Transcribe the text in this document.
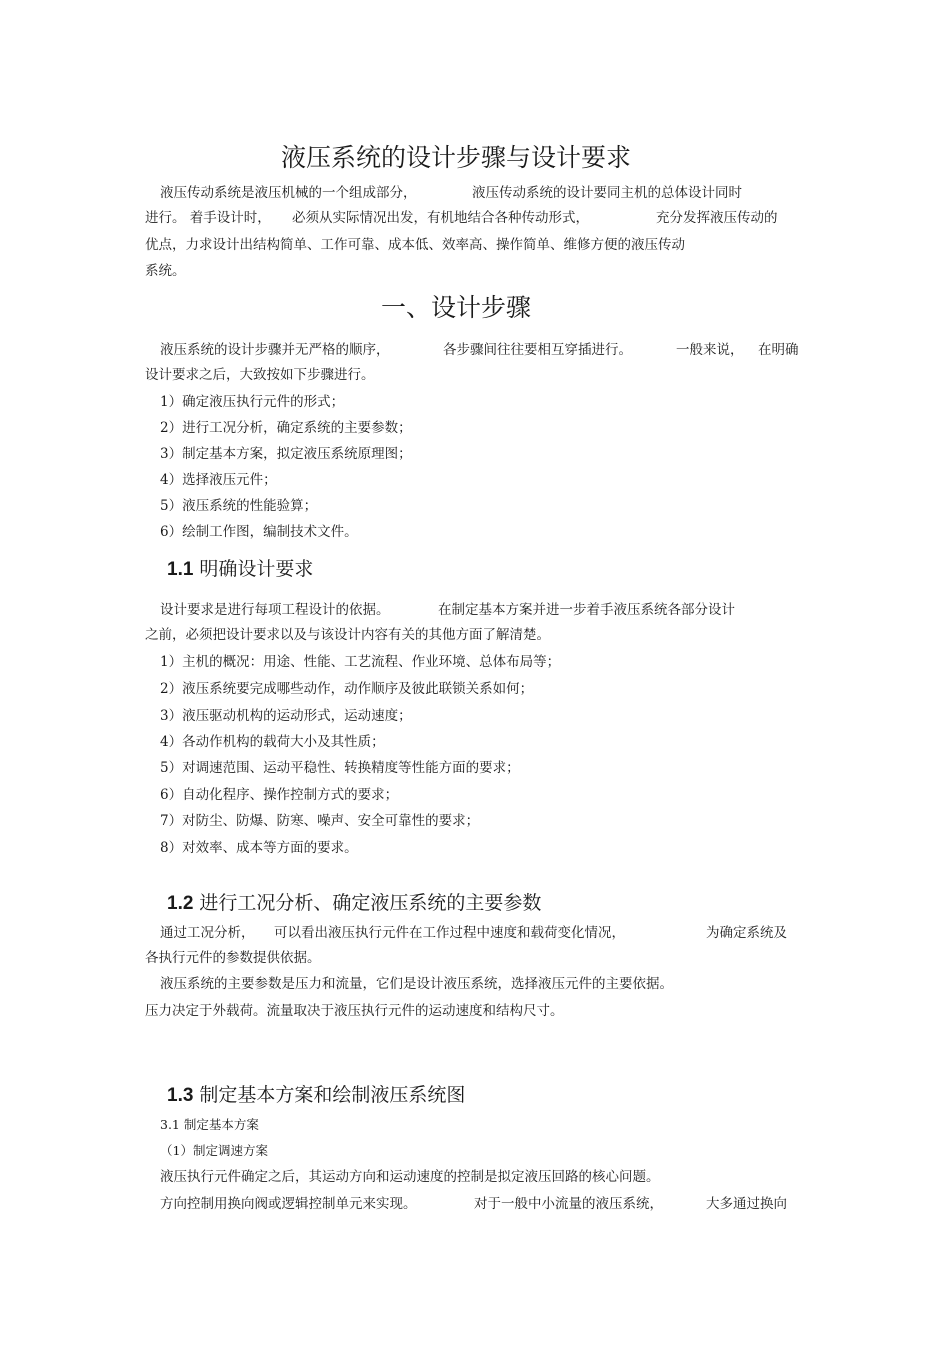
液压系统的设计步骤与设计要求
液压传动系统是液压机械的一个组成部分，	液压传动系统的设计要同主机的总体设计同时
进行。 着手设计时， 必须从实际情况出发，有机地结合各种传动形式，	充分发挥液压传动的
优点，力求设计出结构简单、工作可靠、成本低、效率高、操作简单、维修方便的液压传动
系统。
一、设计步骤
液压系统的设计步骤并无严格的顺序，	各步骤间往往要相互穿插进行。	一般来说， 在明确
设计要求之后，大致按如下步骤进行。
1）确定液压执行元件的形式；
2）进行工况分析，确定系统的主要参数；
3）制定基本方案，拟定液压系统原理图；
4）选择液压元件；
5）液压系统的性能验算；
6）绘制工作图，编制技术文件。
1.1 明确设计要求
设计要求是进行每项工程设计的依据。	在制定基本方案并进一步着手液压系统各部分设计
之前，必须把设计要求以及与该设计内容有关的其他方面了解清楚。
1）主机的概况：用途、性能、工艺流程、作业环境、总体布局等；
2）液压系统要完成哪些动作，动作顺序及彼此联锁关系如何；
3）液压驱动机构的运动形式，运动速度；
4）各动作机构的载荷大小及其性质；
5）对调速范围、运动平稳性、转换精度等性能方面的要求；
6）自动化程序、操作控制方式的要求；
7）对防尘、防爆、防寒、噪声、安全可靠性的要求；
8）对效率、成本等方面的要求。
1.2 进行工况分析、确定液压系统的主要参数
通过工况分析， 可以看出液压执行元件在工作过程中速度和载荷变化情况，	为确定系统及
各执行元件的参数提供依据。
液压系统的主要参数是压力和流量，它们是设计液压系统，选择液压元件的主要依据。
压力决定于外载荷。流量取决于液压执行元件的运动速度和结构尺寸。
1.3 制定基本方案和绘制液压系统图
3.1 制定基本方案
（1）制定调速方案
液压执行元件确定之后，其运动方向和运动速度的控制是拟定液压回路的核心问题。
方向控制用换向阀或逻辑控制单元来实现。	对于一般中小流量的液压系统，	大多通过换向
